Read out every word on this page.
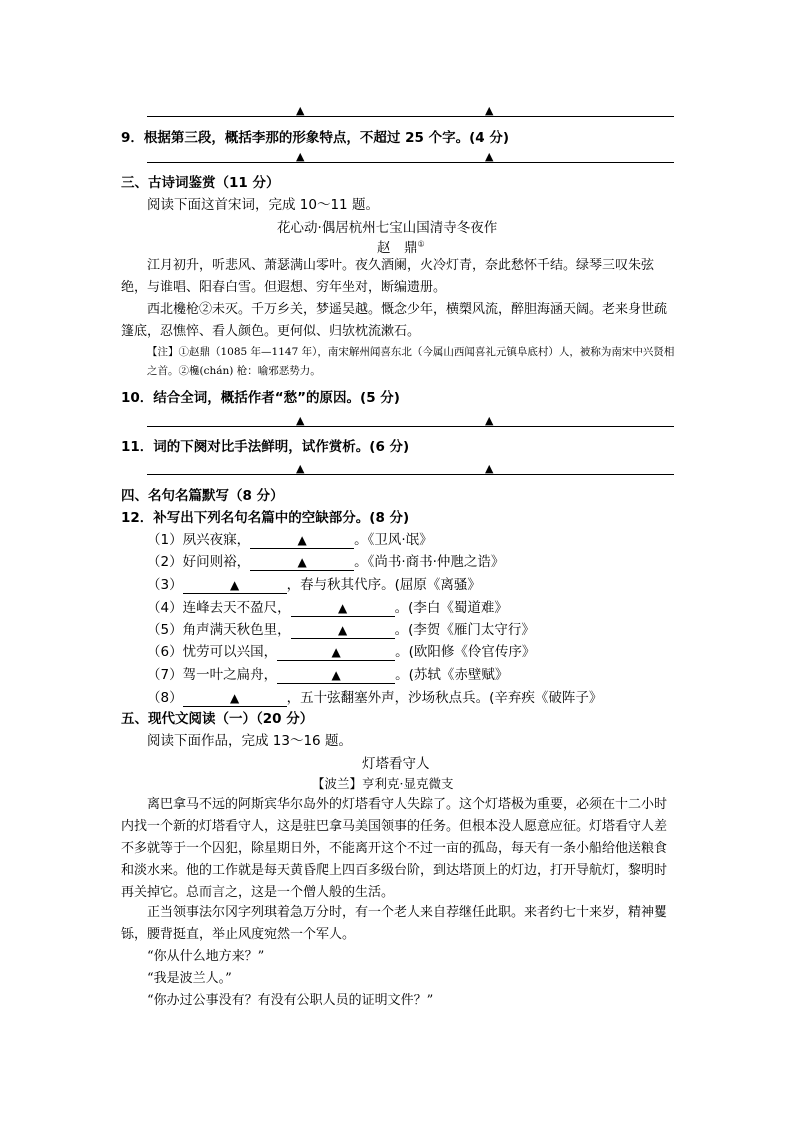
▲	▲
9．根据第三段，概括李那的形象特点，不超过 25 个字。(4 分)
▲	▲
三、古诗词鉴赏（11 分）
阅读下面这首宋词，完成 10～11 题。
花心动·偶居杭州七宝山国清寺冬夜作
赵　鼎①
江月初升，听悲风、萧瑟满山零叶。夜久酒阑，火冷灯青，奈此愁怀千结。绿琴三叹朱弦绝，与谁唱、阳春白雪。但遐想、穷年坐对，断编遗册。
西北欃枪②未灭。千万乡关，梦遥吴越。慨念少年，横槊风流，醉胆海涵天阔。老来身世疏篷底，忍憔悴、看人颜色。更何似、归欤枕流漱石。
【注】①赵鼎（1085 年—1147 年），南宋解州闻喜东北（今属山西闻喜礼元镇阜底村）人，被称为南宋中兴贤相之首。②欃(chán) 枪：喻邪恶势力。
10．结合全词，概括作者“愁”的原因。(5 分)
▲	▲
11．词的下阕对比手法鲜明，试作赏析。(6 分)
▲	▲
四、名句名篇默写（8 分）
12．补写出下列名句名篇中的空缺部分。(8 分)
（1）夙兴夜寐，	▲	。《卫风·氓》
（2）好问则裕，	▲	。《尚书·商书·仲虺之诰》
（3）	▲	，春与秋其代序。(屈原《离骚》
（4）连峰去天不盈尺，	▲	。(李白《蜀道难》
（5）角声满天秋色里，	▲	。(李贺《雁门太守行》
（6）忧劳可以兴国，	▲	。(欧阳修《伶官传序》
（7）驾一叶之扁舟，	▲	。(苏轼《赤壁赋》
（8）	▲	，五十弦翻塞外声，沙场秋点兵。(辛弃疾《破阵子》
五、现代文阅读（一）（20 分）
阅读下面作品，完成 13～16 题。
灯塔看守人
【波兰】亨利克·显克微支
离巴拿马不远的阿斯宾华尔岛外的灯塔看守人失踪了。这个灯塔极为重要，必须在十二小时内找一个新的灯塔看守人，这是驻巴拿马美国领事的任务。但根本没人愿意应征。灯塔看守人差不多就等于一个囚犯，除星期日外，不能离开这个不过一亩的孤岛，每天有一条小船给他送粮食和淡水来。他的工作就是每天黄昏爬上四百多级台阶，到达塔顶上的灯边，打开导航灯，黎明时再关掉它。总而言之，这是一个僧人般的生活。
正当领事法尔冈字列琪着急万分时，有一个老人来自荐继任此职。来者约七十来岁，精神矍铄，腰背挺直，举止风度宛然一个军人。
“你从什么地方来？”
“我是波兰人。”
“你办过公事没有？有没有公职人员的证明文件？”
